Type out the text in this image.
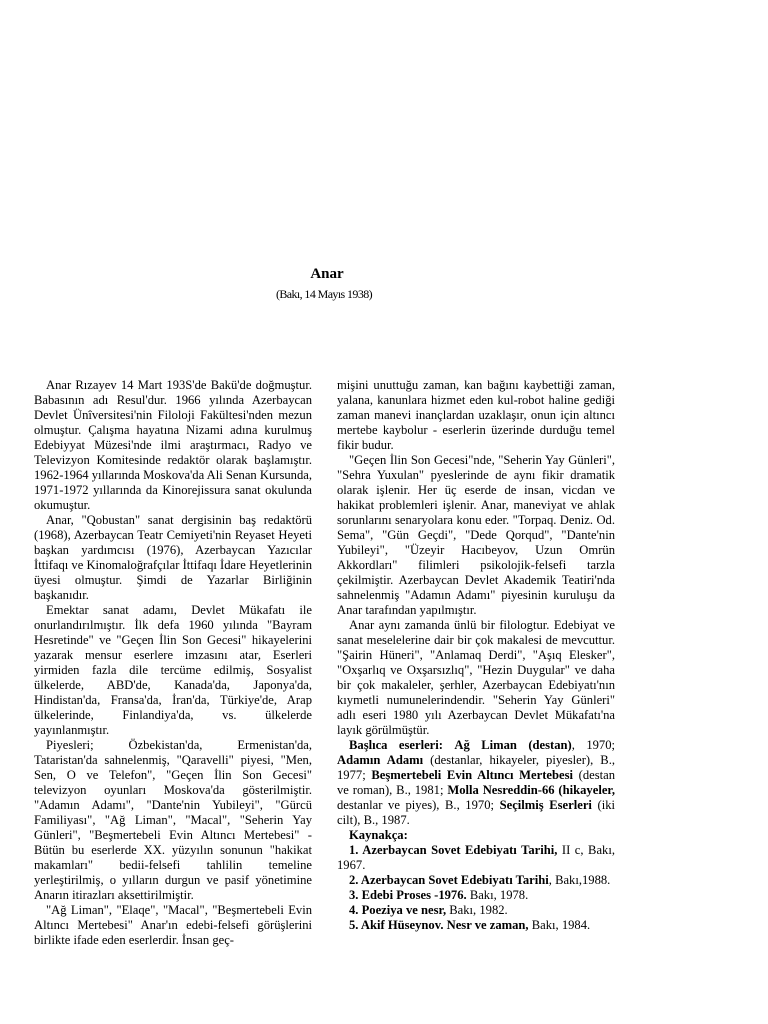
Anar
(Bakı, 14 Mayıs 1938)

Anar Rızayev 14 Mart 193S'de Bakü'de doğmuştur. Babasının adı Resul'dur. 1966 yılında Azerbaycan Devlet Ünîversitesi'nin Filoloji Fakültesi'nden mezun olmuştur. Çalışma hayatına Nizami adına kurulmuş Edebiyyat Müzesi'nde ilmi araştırmacı, Radyo ve Televizyon Komitesinde redaktör olarak başlamıştır. 1962-1964 yıllarında Moskova'da Ali Senan Kursunda, 1971-1972 yıllarında da Kinorejissura sanat okulunda okumuştur.

Anar, "Qobustan" sanat dergisinin baş redaktörü (1968), Azerbaycan Teatr Cemiyeti'nin Reyaset Heyeti başkan yardımcısı (1976), Azerbaycan Yazıcılar İttifaqı ve Kinomaloğrafçılar İttifaqı İdare Heyetlerinin üyesi olmuştur. Şimdi de Yazarlar Birliğinin başkanıdır.

Emektar sanat adamı, Devlet Mükafatı ile onurlandırılmıştır. İlk defa 1960 yılında "Bayram Hesretinde" ve "Geçen İlin Son Gecesi" hikayelerini yazarak mensur eserlere imzasını atar, Eserleri yirmiden fazla dile tercüme edilmiş, Sosyalist ülkelerde, ABD'de, Kanada'da, Japonya'da, Hindistan'da, Fransa'da, İran'da, Türkiye'de, Arap ülkelerinde, Finlandiya'da, vs. ülkelerde yayınlanmıştır.

Piyesleri; Özbekistan'da, Ermenistan'da, Tataristan'da sahnelenmiş, "Qaravelli" piyesi, "Men, Sen, O ve Telefon", "Geçen İlin Son Gecesi" televizyon oyunları Moskova'da gösterilmiştir. "Adamın Adamı", "Dante'nin Yubileyi", "Gürcü Familiyası", "Ağ Liman", "Macal", "Seherin Yay Günleri", "Beşmertebeli Evin Altıncı Mertebesi" - Bütün bu eserlerde XX. yüzyılın sonunun "hakikat makamları" bedii-felsefi tahlilin temeline yerleştirilmiş, o yılların durgun ve pasif yönetimine Anarın itirazları aksettirilmiştir.

"Ağ Liman", "Elaqe", "Macal", "Beşmertebeli Evin Altıncı Mertebesi" Anar'ın edebi-felsefi görüşlerini birlikte ifade eden eserlerdir. İnsan geç-

mişini unuttuğu zaman, kan bağını kaybettiği zaman, yalana, kanunlara hizmet eden kul-robot haline gediği zaman manevi inançlardan uzaklaşır, onun için altıncı mertebe kaybolur - eserlerin üzerinde durduğu temel fikir budur.

"Geçen İlin Son Gecesi"nde, "Seherin Yay Günleri", "Sehra Yuxulan" pyeslerinde de aynı fikir dramatik olarak işlenir. Her üç eserde de insan, vicdan ve hakikat problemleri işlenir. Anar, maneviyat ve ahlak sorunlarını senaryolara konu eder. "Torpaq. Deniz. Od. Sema", "Gün Geçdi", "Dede Qorqud", "Dante'nin Yubileyi", "Üzeyir Hacıbeyov, Uzun Omrün Akkordları" filimleri psikolojik-felsefi tarzla çekilmiştir. Azerbaycan Devlet Akademik Teatiri'nda sahnelenmiş "Adamın Adamı" piyesinin kuruluşu da Anar tarafından yapılmıştır.

Anar aynı zamanda ünlü bir filologtur. Edebiyat ve sanat meselelerine dair bir çok makalesi de mevcuttur. "Şairin Hüneri", "Anlamaq Derdi", "Aşıq Elesker", "Oxşarlıq ve Oxşarsızlıq", "Hezin Duygular" ve daha bir çok makaleler, şerhler, Azerbaycan Edebiyatı'nın kıymetli numunelerindendir. "Seherin Yay Günleri" adlı eseri 1980 yılı Azerbaycan Devlet Mükafatı'na layık görülmüştür.

Başlıca eserleri: Ağ Liman (destan), 1970; Adamın Adamı (destanlar, hikayeler, piyesler), B., 1977; Beşmertebeli Evin Altıncı Mertebesi (destan ve roman), B., 1981; Molla Nesreddin-66 (hikayeler, destanlar ve piyes), B., 1970; Seçilmiş Eserleri (iki cilt), B., 1987.

Kaynakça:

1. Azerbaycan Sovet Edebiyatı Tarihi, II c, Bakı, 1967.

2. Azerbaycan Sovet Edebiyatı Tarihi, Bakı,1988.

3. Edebi Proses -1976. Bakı, 1978.

4. Poeziya ve nesr, Bakı, 1982.

5. Akif Hüseynov. Nesr ve zaman, Bakı, 1984.
